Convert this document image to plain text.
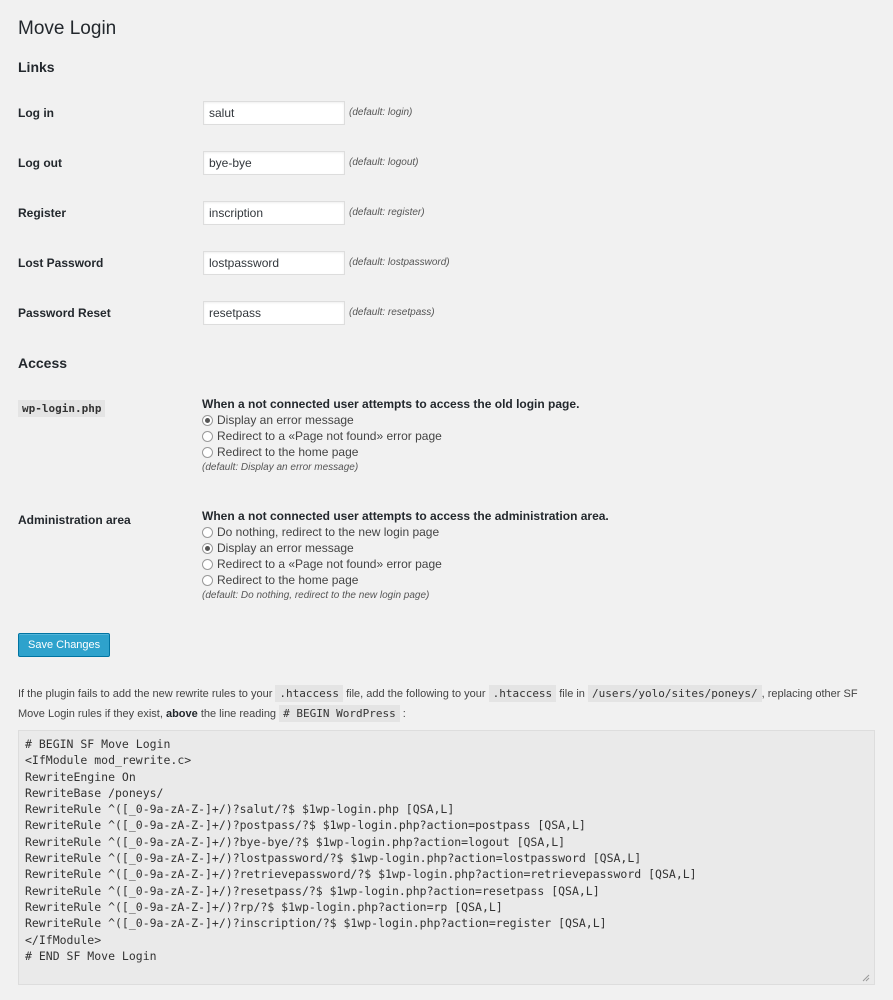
Move Login
Links
Log in
salut	(default: login)
Log out
bye-bye	(default: logout)
Register
inscription	(default: register)
Lost Password
lostpassword	(default: lostpassword)
Password Reset
resetpass	(default: resetpass)
Access
wp-login.php	When a not connected user attempts to access the old login page.
Display an error message
Redirect to a «Page not found» error page
Redirect to the home page
(default: Display an error message)
Administration area	When a not connected user attempts to access the administration area.
Do nothing, redirect to the new login page
Display an error message
Redirect to a «Page not found» error page
Redirect to the home page
(default: Do nothing, redirect to the new login page)
Save Changes
If the plugin fails to add the new rewrite rules to your .htaccess file, add the following to your .htaccess file in /users/yolo/sites/poneys/ , replacing other SF Move Login rules if they exist, above the line reading # BEGIN WordPress :
# BEGIN SF Move Login
<IfModule mod_rewrite.c>
RewriteEngine On
RewriteBase /poneys/
RewriteRule ^([_0-9a-zA-Z-]+/)?salut/?$ $1wp-login.php [QSA,L]
RewriteRule ^([_0-9a-zA-Z-]+/)?postpass/?$ $1wp-login.php?action=postpass [QSA,L]
RewriteRule ^([_0-9a-zA-Z-]+/)?bye-bye/?$ $1wp-login.php?action=logout [QSA,L]
RewriteRule ^([_0-9a-zA-Z-]+/)?lostpassword/?$ $1wp-login.php?action=lostpassword [QSA,L]
RewriteRule ^([_0-9a-zA-Z-]+/)?retrievepassword/?$ $1wp-login.php?action=retrievepassword [QSA,L]
RewriteRule ^([_0-9a-zA-Z-]+/)?resetpass/?$ $1wp-login.php?action=resetpass [QSA,L]
RewriteRule ^([_0-9a-zA-Z-]+/)?rp/?$ $1wp-login.php?action=rp [QSA,L]
RewriteRule ^([_0-9a-zA-Z-]+/)?inscription/?$ $1wp-login.php?action=register [QSA,L]
</IfModule>
# END SF Move Login
